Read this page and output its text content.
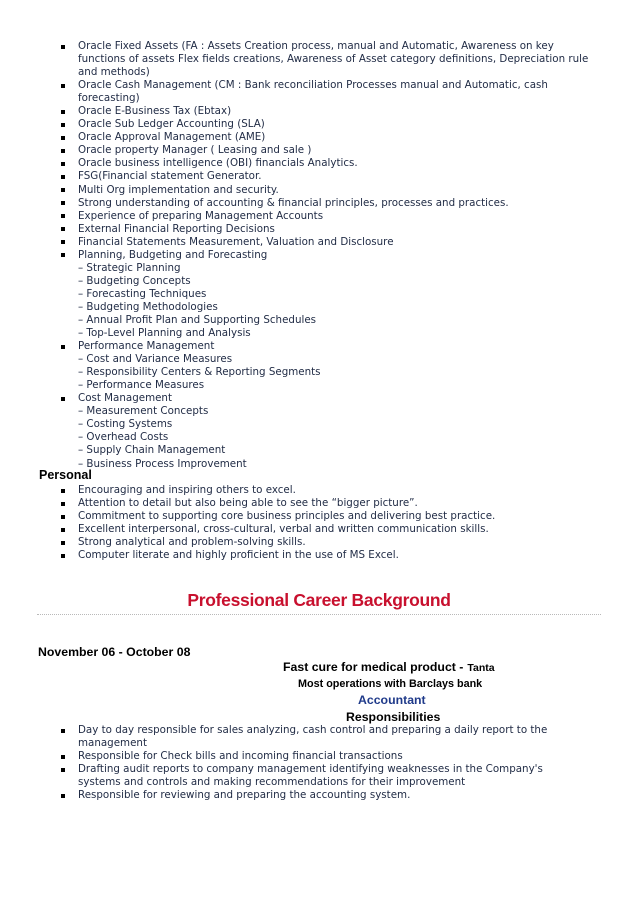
Oracle Fixed Assets (FA : Assets Creation process, manual and Automatic, Awareness on key functions of assets Flex fields creations, Awareness of Asset category definitions, Depreciation rule and methods)
Oracle Cash Management (CM : Bank reconciliation Processes manual and Automatic, cash forecasting)
Oracle E-Business Tax (Ebtax)
Oracle Sub Ledger Accounting (SLA)
Oracle Approval Management (AME)
Oracle property Manager ( Leasing and sale )
Oracle business intelligence (OBI) financials Analytics.
FSG(Financial statement Generator.
Multi Org implementation and security.
Strong understanding of accounting & financial principles, processes and practices.
Experience of preparing Management Accounts
External Financial Reporting Decisions
Financial Statements Measurement, Valuation and Disclosure
Planning, Budgeting and Forecasting
– Strategic Planning
– Budgeting Concepts
– Forecasting Techniques
– Budgeting Methodologies
– Annual Profit Plan and Supporting Schedules
– Top-Level Planning and Analysis
Performance Management
– Cost and Variance Measures
– Responsibility Centers & Reporting Segments
– Performance Measures
Cost Management
– Measurement Concepts
– Costing Systems
– Overhead Costs
– Supply Chain Management
– Business Process Improvement
Personal
Encouraging and inspiring others to excel.
Attention to detail but also being able to see the “bigger picture”.
Commitment to supporting core business principles and delivering best practice.
Excellent interpersonal, cross-cultural, verbal and written communication skills.
Strong analytical and problem-solving skills.
Computer literate and highly proficient in the use of MS Excel.
Professional Career Background
November 06 - October 08
Fast cure for medical product - Tanta
Most operations with Barclays bank
Accountant
Responsibilities
Day to day responsible for sales analyzing, cash control and preparing a daily report to the management
Responsible for Check bills and incoming financial transactions
Drafting audit reports to company management identifying weaknesses in the Company's systems and controls and making recommendations for their improvement
Responsible for reviewing and preparing the accounting system.
